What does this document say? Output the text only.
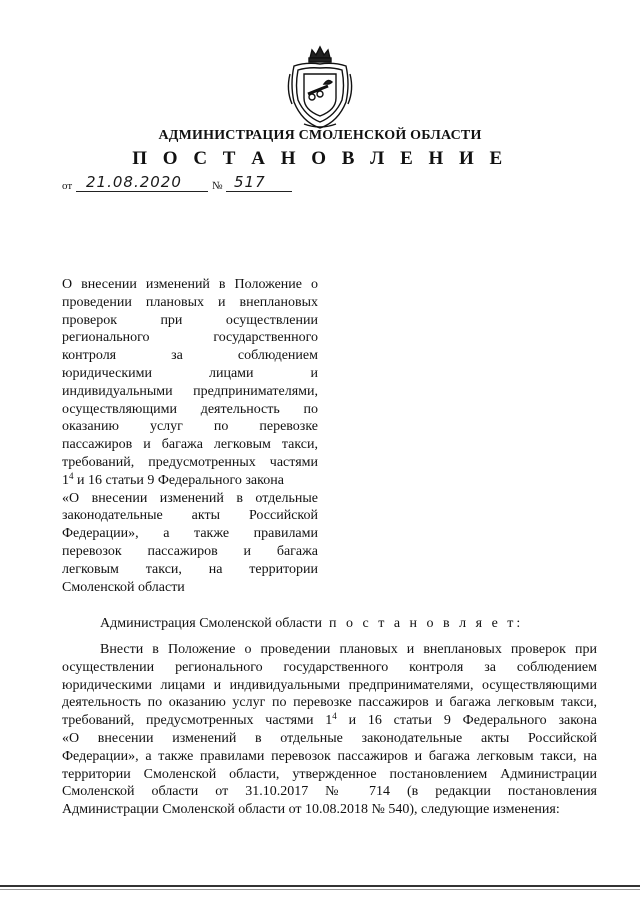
АДМИНИСТРАЦИЯ СМОЛЕНСКОЙ ОБЛАСТИ
П О С Т А Н О В Л Е Н И Е
от 21.08.2020	№ 517
О внесении изменений в Положение о
проведении плановых и внеплановых
проверок при осуществлении
регионального государственного
контроля за соблюдением
юридическими лицами и
индивидуальными предпринимателями,
осуществляющими деятельность по
оказанию услуг по перевозке
пассажиров и багажа легковым такси,
требований, предусмотренных частями
$1^4$ и 16 статьи 9 Федерального закона
«О внесении изменений в отдельные
законодательные акты Российской
Федерации», а также правилами
перевозок пассажиров и багажа
легковым такси, на территории
Смоленской области
Администрация Смоленской области п о с т а н о в л я е т:
Внести в Положение о проведении плановых и внеплановых проверок при
осуществлении регионального государственного контроля за соблюдением
юридическими лицами и индивидуальными предпринимателями, осуществляющими
деятельность по оказанию услуг по перевозке пассажиров и багажа легковым такси,
требований, предусмотренных частями $1^4$ и 16 статьи 9 Федерального закона
«О внесении изменений в отдельные законодательные акты Российской
Федерации», а также правилами перевозок пассажиров и багажа легковым такси, на
территории Смоленской области, утвержденное постановлением Администрации
Смоленской области от 31.10.2017 № 714 (в редакции постановления
Администрации Смоленской области от 10.08.2018 № 540), следующие изменения:
